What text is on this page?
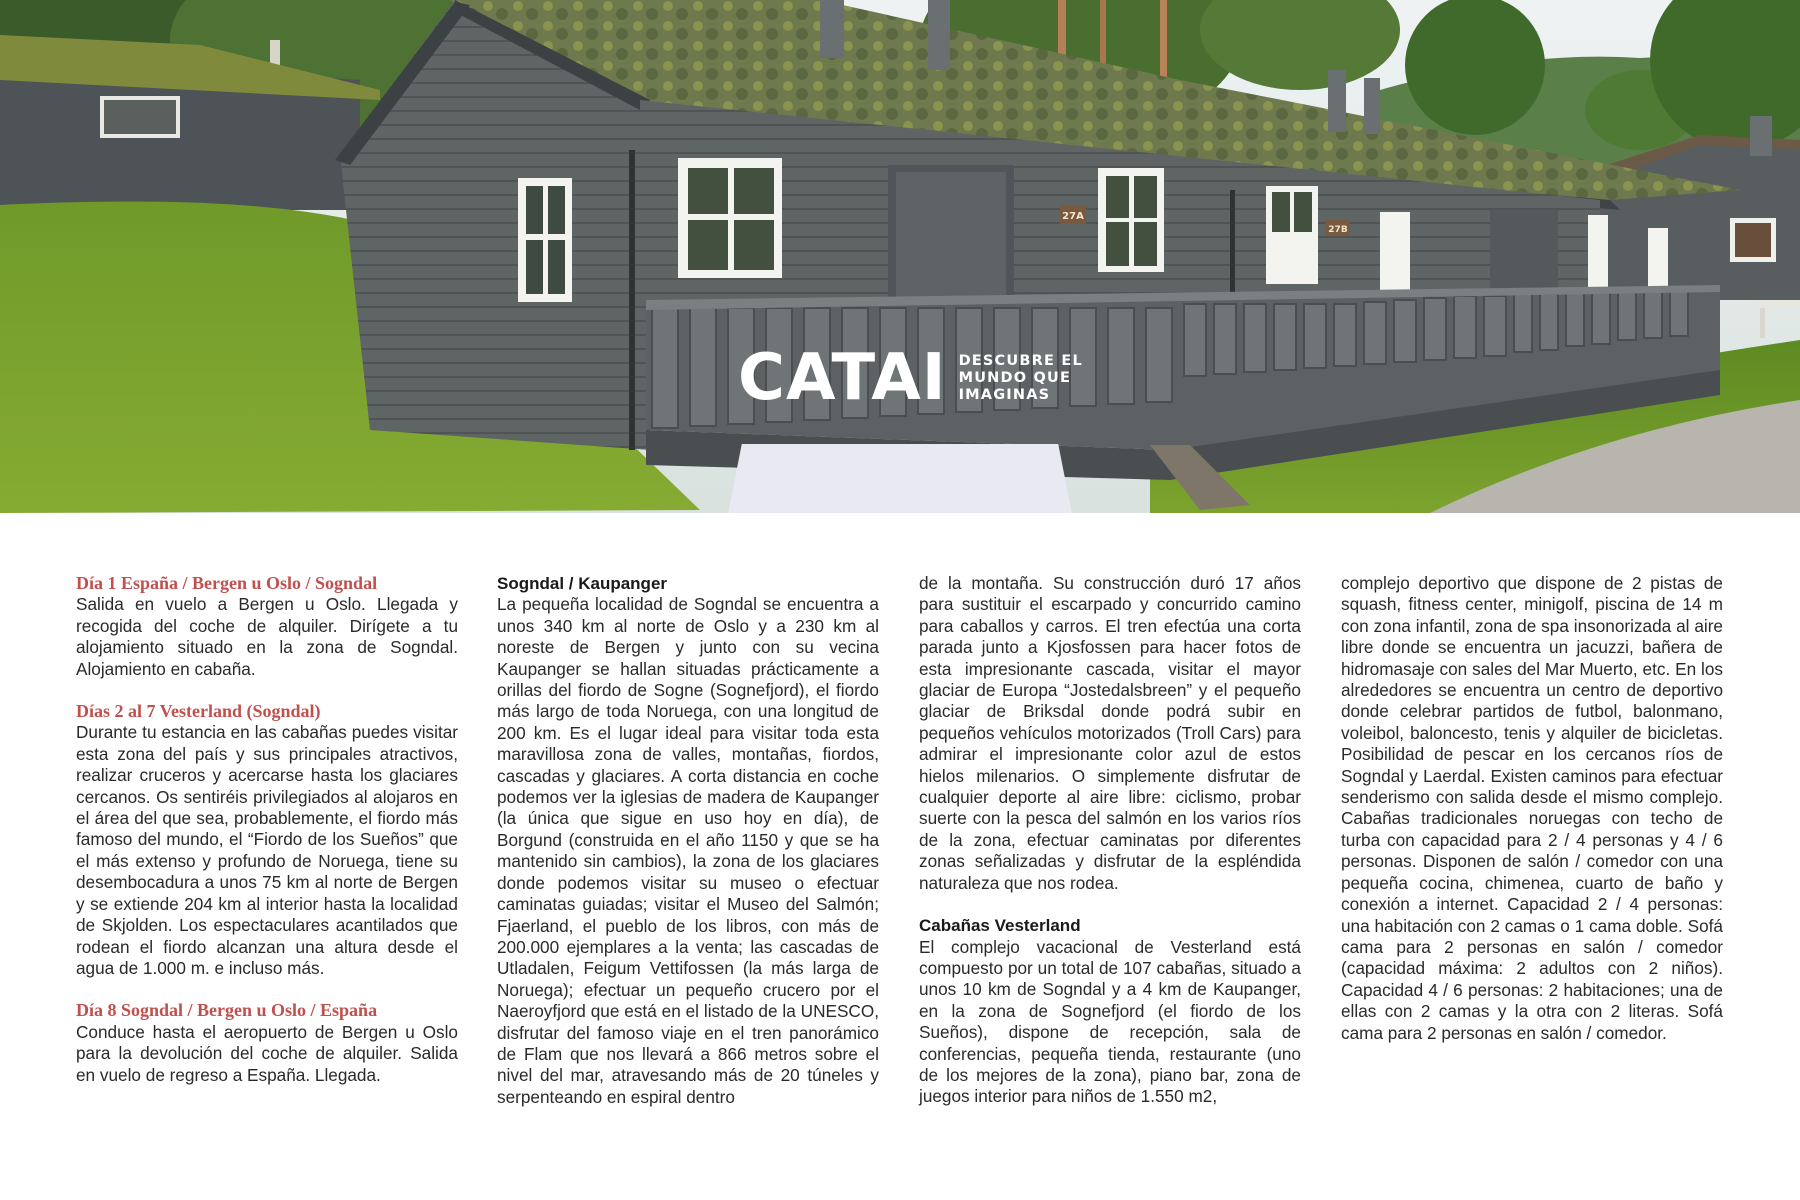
27A
27B
CATAI DESCUBRE EL
MUNDO QUE
IMAGINAS
Día 1 España / Bergen u Oslo / Sogndal

Salida en vuelo a Bergen u Oslo. Llegada y recogida del coche de alquiler. Dirígete a tu alojamiento situado en la zona de Sogndal. Alojamiento en cabaña.

Días 2 al 7 Vesterland (Sogndal)

Durante tu estancia en las cabañas puedes visitar esta zona del país y sus principales atractivos, realizar cruceros y acercarse hasta los glaciares cercanos. Os sentiréis privilegiados al alojaros en el área del que sea, probablemente, el fiordo más famoso del mundo, el “Fiordo de los Sueños” que el más extenso y profundo de Noruega, tiene su desembocadura a unos 75 km al norte de Bergen y se extiende 204 km al interior hasta la localidad de Skjolden. Los espectaculares acantilados que rodean el fiordo alcanzan una altura desde el agua de 1.000 m. e incluso más.

Día 8 Sogndal / Bergen u Oslo / España

Conduce hasta el aeropuerto de Bergen u Oslo para la devolución del coche de alquiler. Salida en vuelo de regreso a España. Llegada.

Sogndal / Kaupanger

La pequeña localidad de Sogndal se encuentra a unos 340 km al norte de Oslo y a 230 km al noreste de Bergen y junto con su vecina Kaupanger se hallan situadas prácticamente a orillas del fiordo de Sogne (Sognefjord), el fiordo más largo de toda Noruega, con una longitud de 200 km. Es el lugar ideal para visitar toda esta maravillosa zona de valles, montañas, fiordos, cascadas y glaciares. A corta distancia en coche podemos ver la iglesias de madera de Kaupanger (la única que sigue en uso hoy en día), de Borgund (construida en el año 1150 y que se ha mantenido sin cambios), la zona de los glaciares donde podemos visitar su museo o efectuar caminatas guiadas; visitar el Museo del Salmón; Fjaerland, el pueblo de los libros, con más de 200.000 ejemplares a la venta; las cascadas de Utladalen, Feigum Vettifossen (la más larga de Noruega); efectuar un pequeño crucero por el Naeroyfjord que está en el listado de la UNESCO, disfrutar del famoso viaje en el tren panorámico de Flam que nos llevará a 866 metros sobre el nivel del mar, atravesando más de 20 túneles y serpenteando en espiral dentro

de la montaña. Su construcción duró 17 años para sustituir el escarpado y concurrido camino para caballos y carros. El tren efectúa una corta parada junto a Kjosfossen para hacer fotos de esta impresionante cascada, visitar el mayor glaciar de Europa “Jostedalsbreen” y el pequeño glaciar de Briksdal donde podrá subir en pequeños vehículos motorizados (Troll Cars) para admirar el impresionante color azul de estos hielos milenarios. O simplemente disfrutar de cualquier deporte al aire libre: ciclismo, probar suerte con la pesca del salmón en los varios ríos de la zona, efectuar caminatas por diferentes zonas señalizadas y disfrutar de la espléndida naturaleza que nos rodea.

Cabañas Vesterland

El complejo vacacional de Vesterland está compuesto por un total de 107 cabañas, situado a unos 10 km de Sogndal y a 4 km de Kaupanger, en la zona de Sognefjord (el fiordo de los Sueños), dispone de recepción, sala de conferencias, pequeña tienda, restaurante (uno de los mejores de la zona), piano bar, zona de juegos interior para niños de 1.550 m2,

complejo deportivo que dispone de 2 pistas de squash, fitness center, minigolf, piscina de 14 m con zona infantil, zona de spa insonorizada al aire libre donde se encuentra un jacuzzi, bañera de hidromasaje con sales del Mar Muerto, etc. En los alrededores se encuentra un centro de deportivo donde celebrar partidos de futbol, balonmano, voleibol, baloncesto, tenis y alquiler de bicicletas. Posibilidad de pescar en los cercanos ríos de Sogndal y Laerdal. Existen caminos para efectuar senderismo con salida desde el mismo complejo. Cabañas tradicionales noruegas con techo de turba con capacidad para 2 / 4 personas y 4 / 6 personas. Disponen de salón / comedor con una pequeña cocina, chimenea, cuarto de baño y conexión a internet. Capacidad 2 / 4 personas: una habitación con 2 camas o 1 cama doble. Sofá cama para 2 personas en salón / comedor (capacidad máxima: 2 adultos con 2 niños). Capacidad 4 / 6 personas: 2 habitaciones; una de ellas con 2 camas y la otra con 2 literas. Sofá cama para 2 personas en salón / comedor.
